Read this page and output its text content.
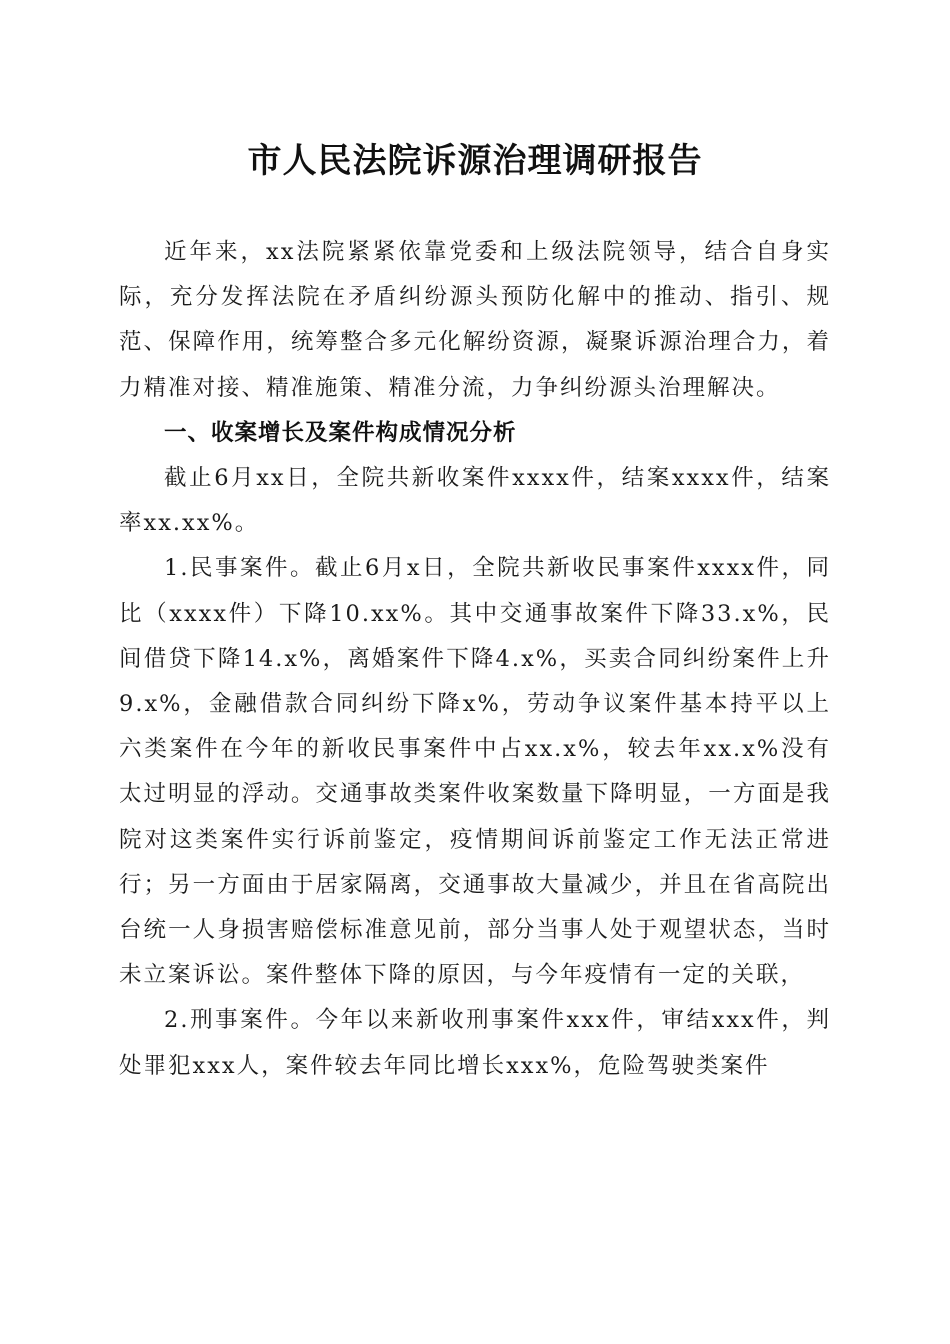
市人民法院诉源治理调研报告

近年来，xx法院紧紧依靠党委和上级法院领导，结合自身实际，充分发挥法院在矛盾纠纷源头预防化解中的推动、指引、规范、保障作用，统筹整合多元化解纷资源，凝聚诉源治理合力，着力精准对接、精准施策、精准分流，力争纠纷源头治理解决。

一、收案增长及案件构成情况分析

截止6月xx日，全院共新收案件xxxx件，结案xxxx件，结案率xx.xx%。

1.民事案件。截止6月x日，全院共新收民事案件xxxx件，同比（xxxx件）下降10.xx%。其中交通事故案件下降33.x%，民间借贷下降14.x%，离婚案件下降4.x%，买卖合同纠纷案件上升9.x%，金融借款合同纠纷下降x%，劳动争议案件基本持平以上六类案件在今年的新收民事案件中占xx.x%，较去年xx.x%没有太过明显的浮动。交通事故类案件收案数量下降明显，一方面是我院对这类案件实行诉前鉴定，疫情期间诉前鉴定工作无法正常进行；另一方面由于居家隔离，交通事故大量减少，并且在省高院出台统一人身损害赔偿标准意见前，部分当事人处于观望状态，当时未立案诉讼。案件整体下降的原因，与今年疫情有一定的关联，

2.刑事案件。今年以来新收刑事案件xxx件，审结xxx件，判处罪犯xxx人，案件较去年同比增长xxx%，危险驾驶类案件
